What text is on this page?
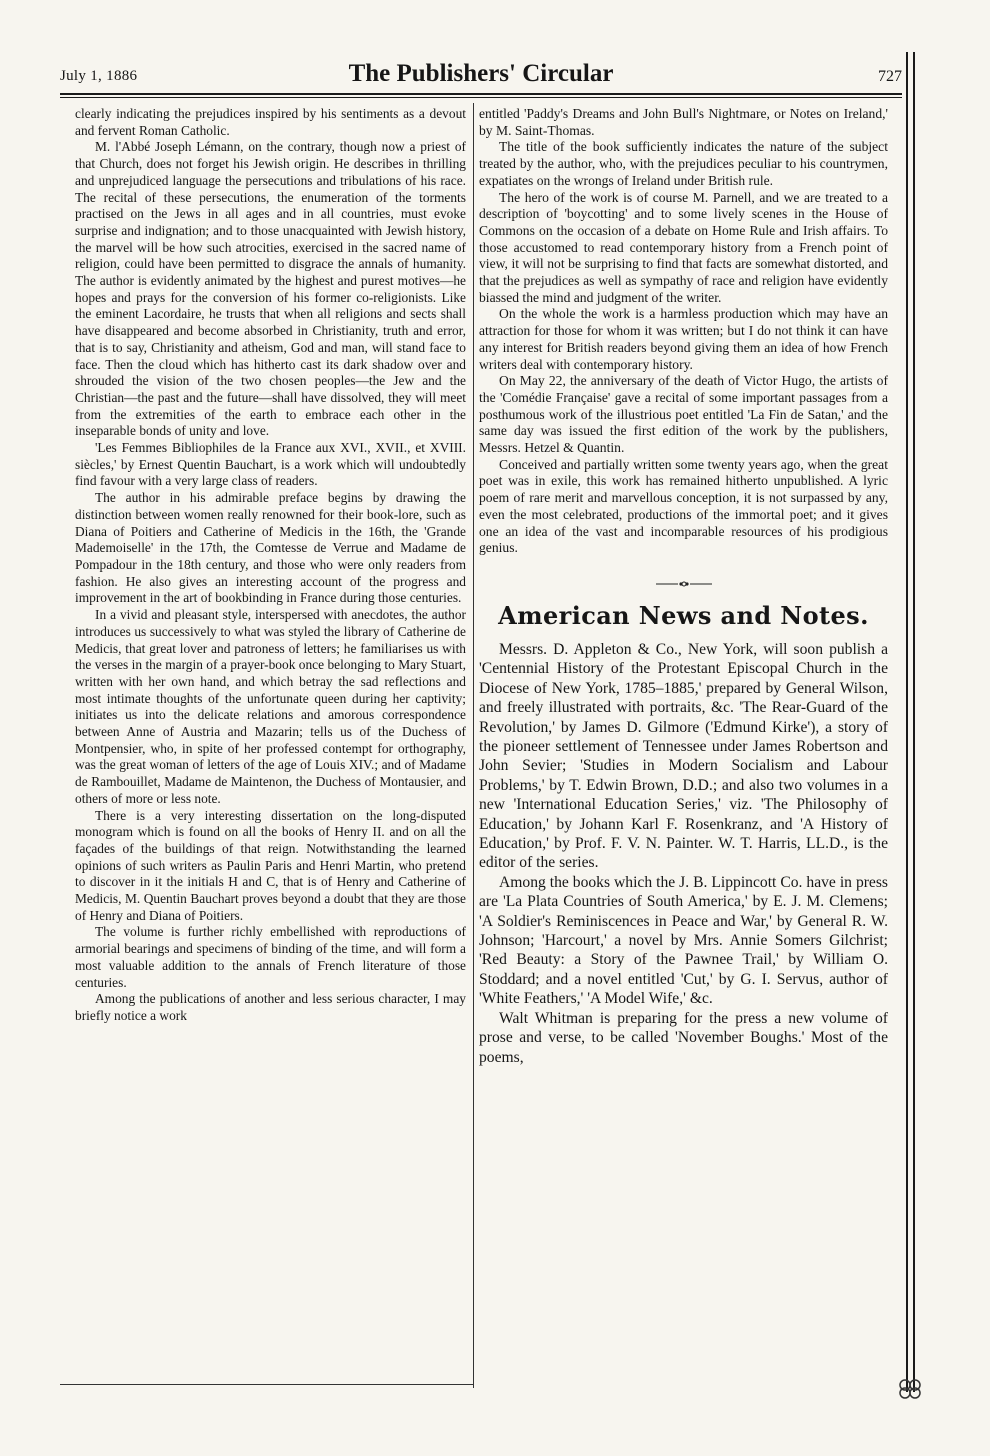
July 1, 1886	The Publishers' Circular	727

clearly indicating the prejudices inspired by his sentiments as a devout and fervent Roman Catholic.

M. l'Abbé Joseph Lémann, on the contrary, though now a priest of that Church, does not forget his Jewish origin. He describes in thrilling and unprejudiced language the persecutions and tribulations of his race. The recital of these persecutions, the enumeration of the torments practised on the Jews in all ages and in all countries, must evoke surprise and indignation; and to those unacquainted with Jewish history, the marvel will be how such atrocities, exercised in the sacred name of religion, could have been permitted to disgrace the annals of humanity. The author is evidently animated by the highest and purest motives—he hopes and prays for the conversion of his former co-religionists. Like the eminent Lacordaire, he trusts that when all religions and sects shall have disappeared and become absorbed in Christianity, truth and error, that is to say, Christianity and atheism, God and man, will stand face to face. Then the cloud which has hitherto cast its dark shadow over and shrouded the vision of the two chosen peoples—the Jew and the Christian—the past and the future—shall have dissolved, they will meet from the extremities of the earth to embrace each other in the inseparable bonds of unity and love.

'Les Femmes Bibliophiles de la France aux XVI., XVII., et XVIII. siècles,' by Ernest Quentin Bauchart, is a work which will undoubtedly find favour with a very large class of readers.

The author in his admirable preface begins by drawing the distinction between women really renowned for their book-lore, such as Diana of Poitiers and Catherine of Medicis in the 16th, the 'Grande Mademoiselle' in the 17th, the Comtesse de Verrue and Madame de Pompadour in the 18th century, and those who were only readers from fashion. He also gives an interesting account of the progress and improvement in the art of bookbinding in France during those centuries.

In a vivid and pleasant style, interspersed with anecdotes, the author introduces us successively to what was styled the library of Catherine de Medicis, that great lover and patroness of letters; he familiarises us with the verses in the margin of a prayer-book once belonging to Mary Stuart, written with her own hand, and which betray the sad reflections and most intimate thoughts of the unfortunate queen during her captivity; initiates us into the delicate relations and amorous correspondence between Anne of Austria and Mazarin; tells us of the Duchess of Montpensier, who, in spite of her professed contempt for orthography, was the great woman of letters of the age of Louis XIV.; and of Madame de Rambouillet, Madame de Maintenon, the Duchess of Montausier, and others of more or less note.

There is a very interesting dissertation on the long-disputed monogram which is found on all the books of Henry II. and on all the façades of the buildings of that reign. Notwithstanding the learned opinions of such writers as Paulin Paris and Henri Martin, who pretend to discover in it the initials H and C, that is of Henry and Catherine of Medicis, M. Quentin Bauchart proves beyond a doubt that they are those of Henry and Diana of Poitiers.

The volume is further richly embellished with reproductions of armorial bearings and specimens of binding of the time, and will form a most valuable addition to the annals of French literature of those centuries.

Among the publications of another and less serious character, I may briefly notice a work

entitled 'Paddy's Dreams and John Bull's Nightmare, or Notes on Ireland,' by M. Saint-Thomas.

The title of the book sufficiently indicates the nature of the subject treated by the author, who, with the prejudices peculiar to his countrymen, expatiates on the wrongs of Ireland under British rule.

The hero of the work is of course M. Parnell, and we are treated to a description of 'boycotting' and to some lively scenes in the House of Commons on the occasion of a debate on Home Rule and Irish affairs. To those accustomed to read contemporary history from a French point of view, it will not be surprising to find that facts are somewhat distorted, and that the prejudices as well as sympathy of race and religion have evidently biassed the mind and judgment of the writer.

On the whole the work is a harmless production which may have an attraction for those for whom it was written; but I do not think it can have any interest for British readers beyond giving them an idea of how French writers deal with contemporary history.

On May 22, the anniversary of the death of Victor Hugo, the artists of the 'Comédie Française' gave a recital of some important passages from a posthumous work of the illustrious poet entitled 'La Fin de Satan,' and the same day was issued the first edition of the work by the publishers, Messrs. Hetzel & Quantin.

Conceived and partially written some twenty years ago, when the great poet was in exile, this work has remained hitherto unpublished. A lyric poem of rare merit and marvellous conception, it is not surpassed by any, even the most celebrated, productions of the immortal poet; and it gives one an idea of the vast and incomparable resources of his prodigious genius.

American News and Notes.

Messrs. D. Appleton & Co., New York, will soon publish a 'Centennial History of the Protestant Episcopal Church in the Diocese of New York, 1785–1885,' prepared by General Wilson, and freely illustrated with portraits, &c. 'The Rear-Guard of the Revolution,' by James D. Gilmore ('Edmund Kirke'), a story of the pioneer settlement of Tennessee under James Robertson and John Sevier; 'Studies in Modern Socialism and Labour Problems,' by T. Edwin Brown, D.D.; and also two volumes in a new 'International Education Series,' viz. 'The Philosophy of Education,' by Johann Karl F. Rosenkranz, and 'A History of Education,' by Prof. F. V. N. Painter. W. T. Harris, LL.D., is the editor of the series.

Among the books which the J. B. Lippincott Co. have in press are 'La Plata Countries of South America,' by E. J. M. Clemens; 'A Soldier's Reminiscences in Peace and War,' by General R. W. Johnson; 'Harcourt,' a novel by Mrs. Annie Somers Gilchrist; 'Red Beauty: a Story of the Pawnee Trail,' by William O. Stoddard; and a novel entitled 'Cut,' by G. I. Servus, author of 'White Feathers,' 'A Model Wife,' &c.

Walt Whitman is preparing for the press a new volume of prose and verse, to be called 'November Boughs.' Most of the poems,
